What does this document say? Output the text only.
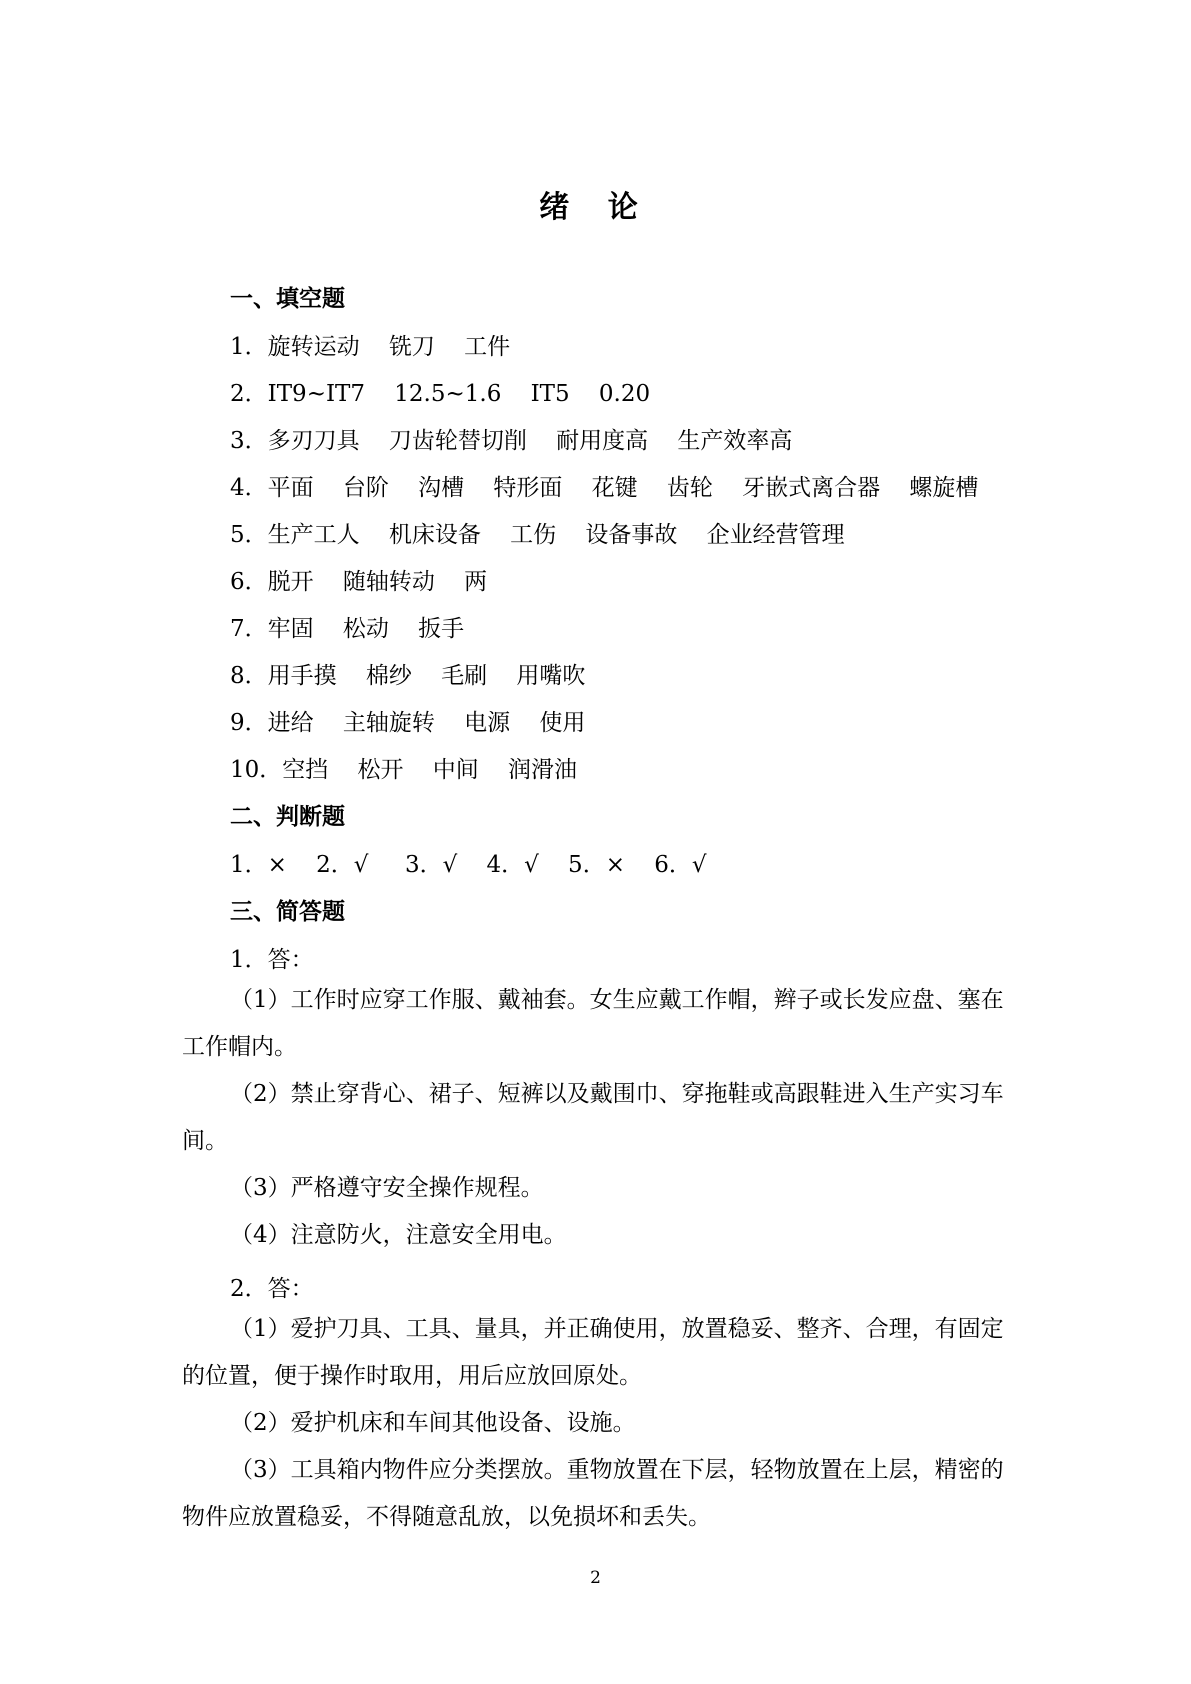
绪 论
一、填空题
1．旋转运动    铣刀    工件
2．IT9~IT7    12.5~1.6    IT5    0.20
3．多刃刀具    刀齿轮替切削    耐用度高    生产效率高
4．平面    台阶    沟槽    特形面    花键    齿轮    牙嵌式离合器    螺旋槽
5．生产工人    机床设备    工伤    设备事故    企业经营管理
6．脱开    随轴转动    两
7．牢固    松动    扳手
8．用手摸    棉纱    毛刷    用嘴吹
9．进给    主轴旋转    电源    使用
10．空挡    松开    中间    润滑油
二、判断题
1．×    2．√     3．√    4．√    5．×    6．√
三、简答题
1．答：
（1）工作时应穿工作服、戴袖套。女生应戴工作帽，辫子或长发应盘、塞在工作帽内。
（2）禁止穿背心、裙子、短裤以及戴围巾、穿拖鞋或高跟鞋进入生产实习车间。
（3）严格遵守安全操作规程。
（4）注意防火，注意安全用电。
2．答：
（1）爱护刀具、工具、量具，并正确使用，放置稳妥、整齐、合理，有固定的位置，便于操作时取用，用后应放回原处。
（2）爱护机床和车间其他设备、设施。
（3）工具箱内物件应分类摆放。重物放置在下层，轻物放置在上层，精密的物件应放置稳妥，不得随意乱放，以免损坏和丢失。
2
